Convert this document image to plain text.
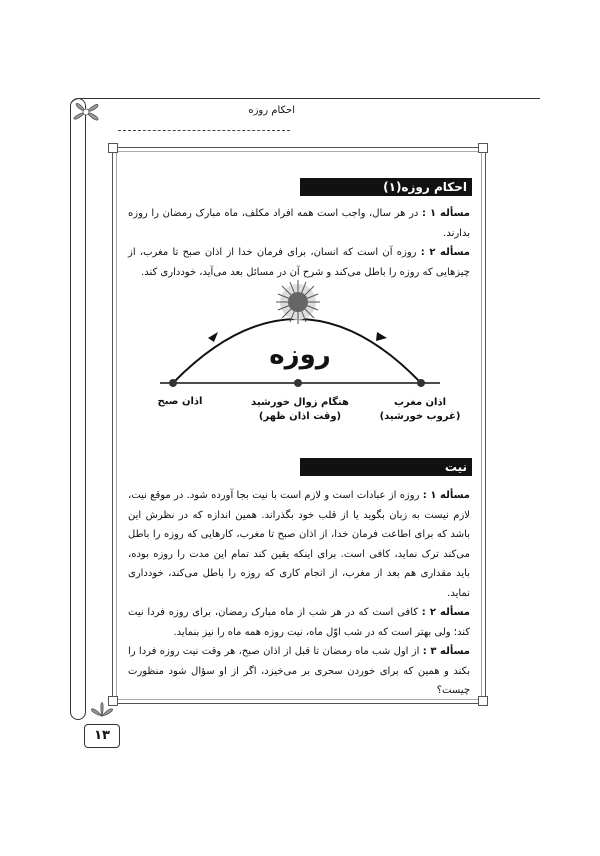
احکام روزه
احکام روزه(۱)
مسأله ۱ : در هر سال، واجب است همه افراد مکلف، ماه مبارک رمضان را روزه بدارند.
مسأله ۲ : روزه آن است که انسان، برای فرمان خدا از اذان صبح تا مغرب، از چیزهایی که روزه را باطل می‌کند و شرح آن در مسائل بعد می‌آید، خودداری کند.
روزه
اذان صبح	هنگام زوال خورشید
(وقت اذان ظهر)
اذان مغرب
(غروب خورشید)
نیت
مسأله ۱ : روزه از عبادات است و لازم است با نیت بجا آورده شود. در موقع نیت، لازم نیست به زبان بگوید یا از قلب خود بگذراند. همین اندازه که در نظرش این باشد که برای اطاعت فرمان خدا، از اذان صبح تا مغرب، کارهایی که روزه را باطل می‌کند ترک نماید، کافی است. برای اینکه یقین کند تمام این مدت را روزه بوده، باید مقداری هم بعد از مغرب، از انجام کاری که روزه را باطل می‌کند، خودداری نماید.
مسأله ۲ : کافی است که در هر شب از ماه مبارک رمضان، برای روزه فردا نیت کند؛ ولی بهتر است که در شب اوّل ماه، نیت روزه همه ماه را نیز بنماید.
مسأله ۳ : از اول شب ماه رمضان تا قبل از اذان صبح، هر وقت نیت روزه فردا را بکند و همین که برای خوردن سحری بر می‌خیزد، اگر از او سؤال شود منظورت چیست؟
۱۳
